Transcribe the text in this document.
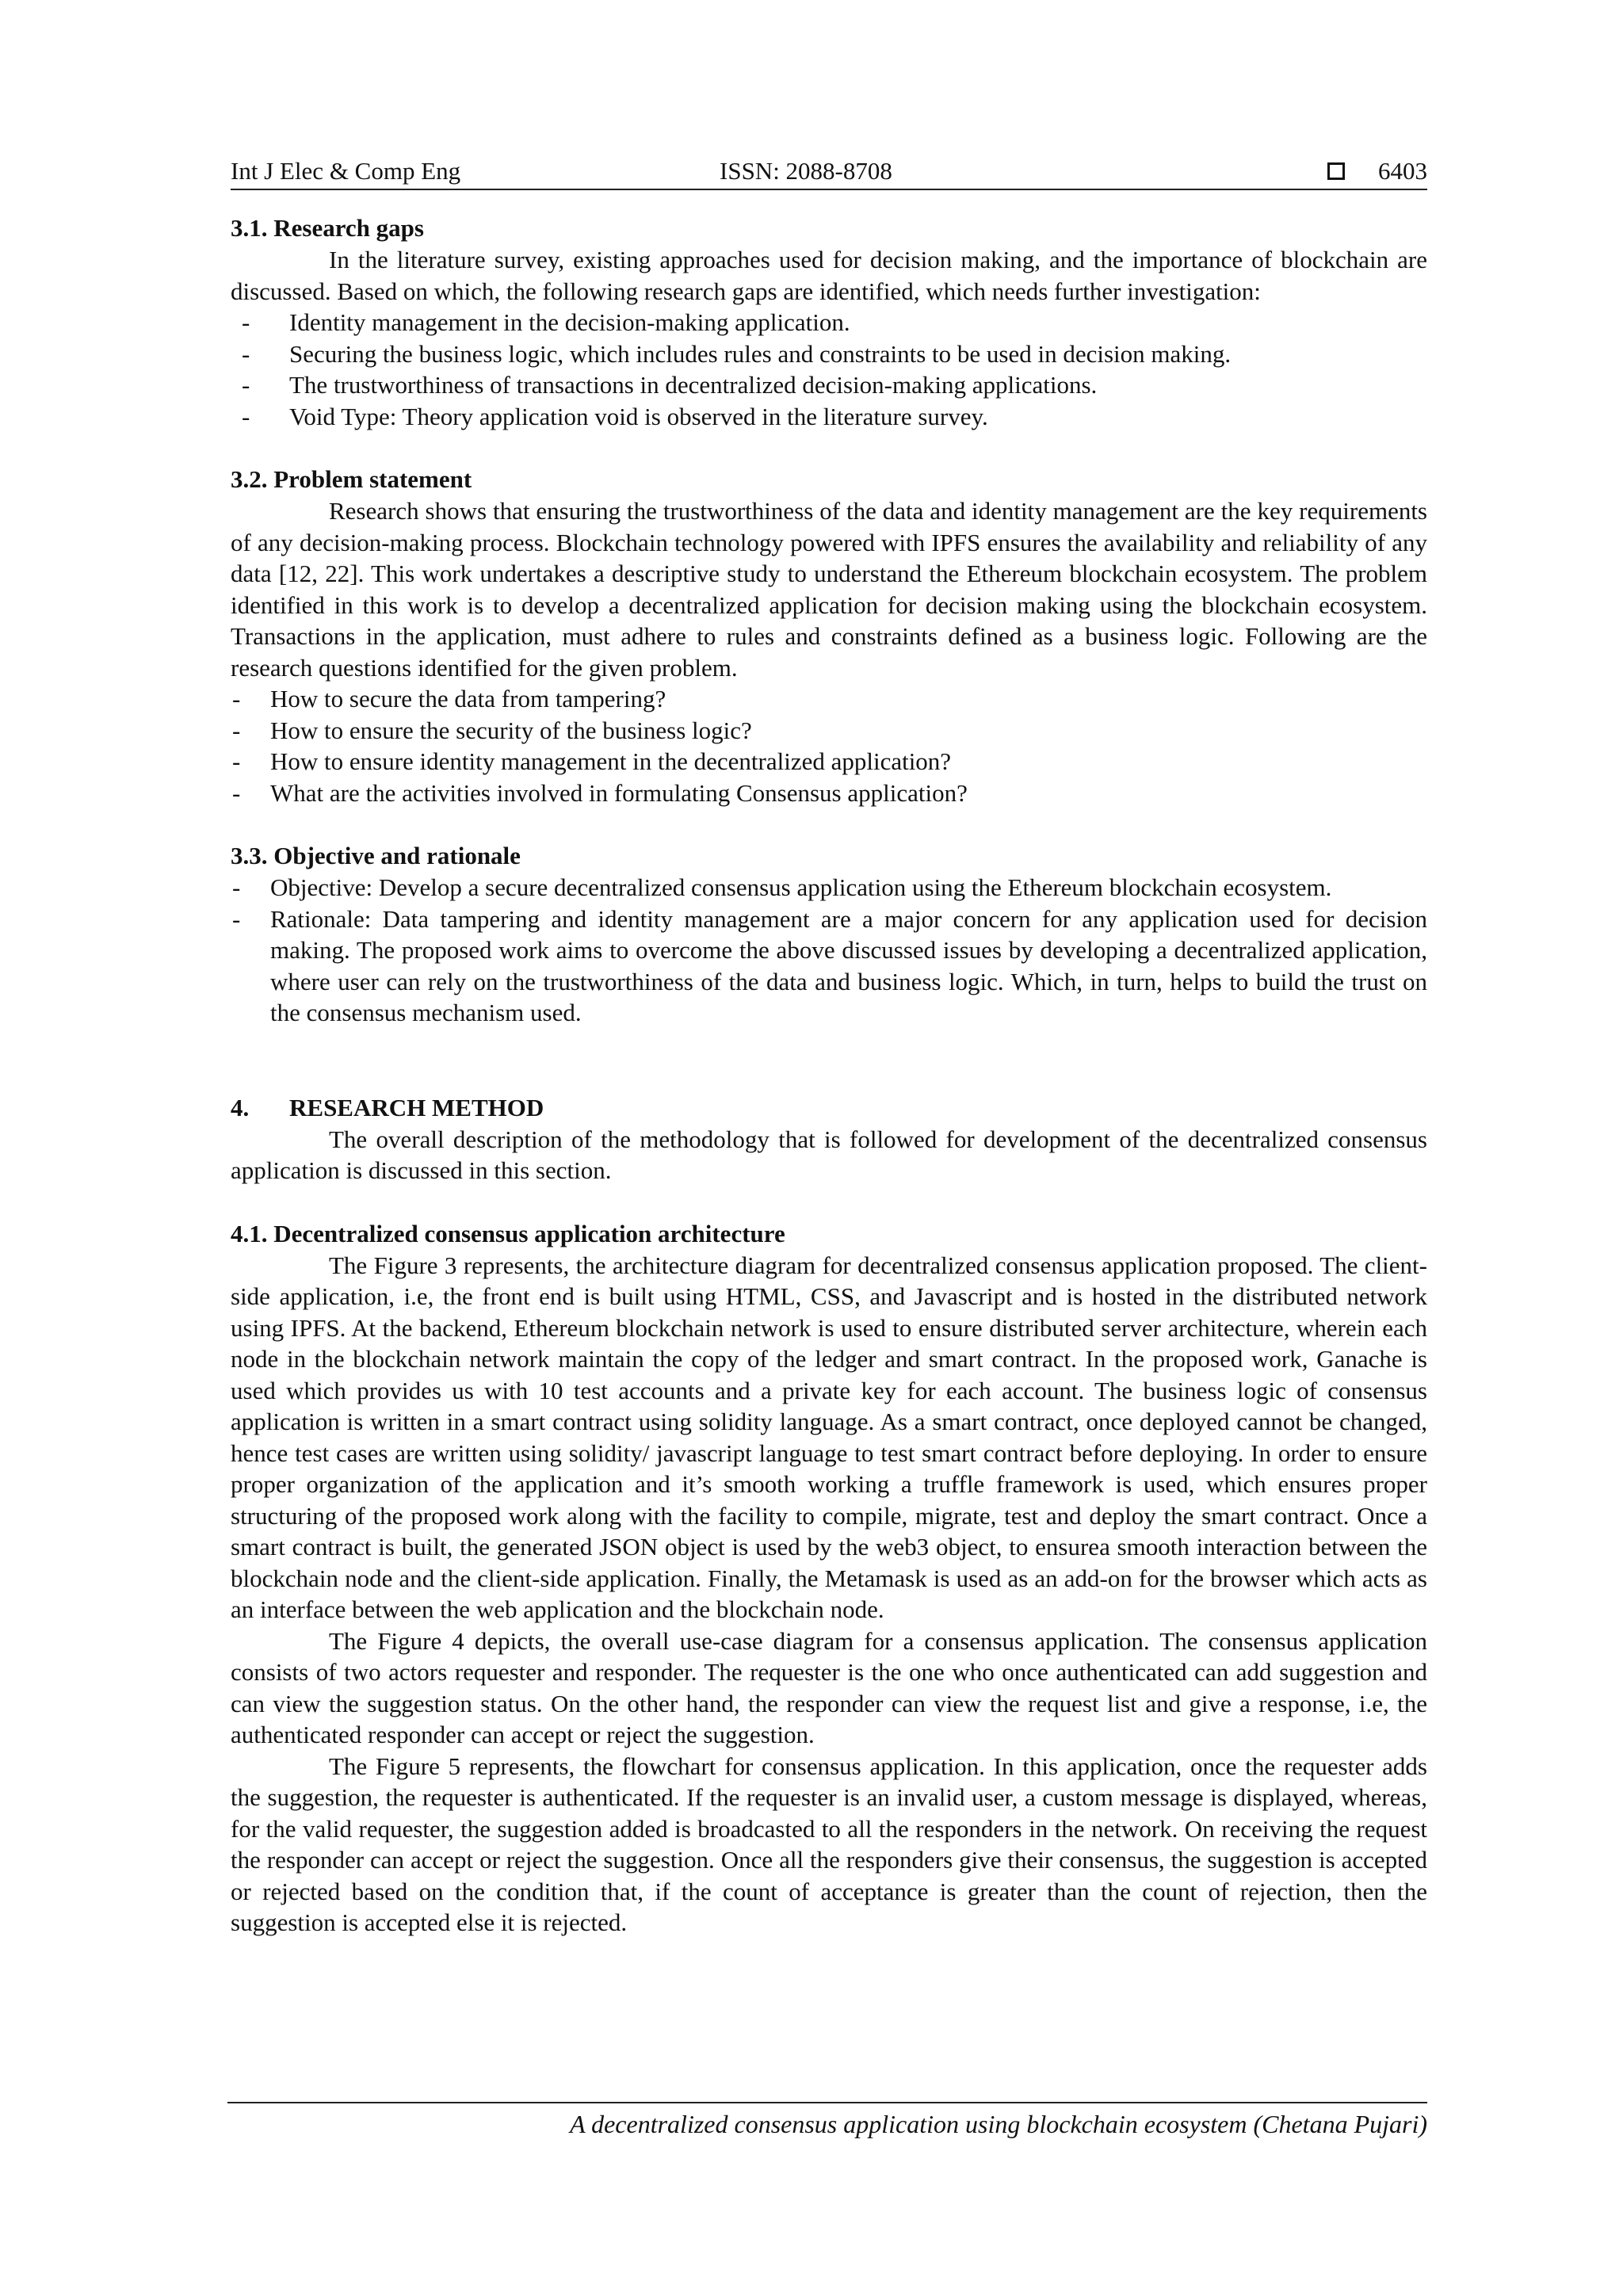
Int J Elec & Comp Eng	ISSN: 2088-8708	6403

3.1. Research gaps

In the literature survey, existing approaches used for decision making, and the importance of blockchain are discussed. Based on which, the following research gaps are identified, which needs further investigation:

- Identity management in the decision-making application.
- Securing the business logic, which includes rules and constraints to be used in decision making.
- The trustworthiness of transactions in decentralized decision-making applications.
- Void Type: Theory application void is observed in the literature survey.

3.2. Problem statement

Research shows that ensuring the trustworthiness of the data and identity management are the key requirements of any decision-making process. Blockchain technology powered with IPFS ensures the availability and reliability of any data [12, 22]. This work undertakes a descriptive study to understand the Ethereum blockchain ecosystem. The problem identified in this work is to develop a decentralized application for decision making using the blockchain ecosystem. Transactions in the application, must adhere to rules and constraints defined as a business logic. Following are the research questions identified for the given problem.

- How to secure the data from tampering?
- How to ensure the security of the business logic?
- How to ensure identity management in the decentralized application?
- What are the activities involved in formulating Consensus application?

3.3. Objective and rationale

- Objective: Develop a secure decentralized consensus application using the Ethereum blockchain ecosystem.
- Rationale: Data tampering and identity management are a major concern for any application used for decision making. The proposed work aims to overcome the above discussed issues by developing a decentralized application, where user can rely on the trustworthiness of the data and business logic. Which, in turn, helps to build the trust on the consensus mechanism used.

4. RESEARCH METHOD

The overall description of the methodology that is followed for development of the decentralized consensus application is discussed in this section.

4.1. Decentralized consensus application architecture

The Figure 3 represents, the architecture diagram for decentralized consensus application proposed. The client-side application, i.e, the front end is built using HTML, CSS, and Javascript and is hosted in the distributed network using IPFS. At the backend, Ethereum blockchain network is used to ensure distributed server architecture, wherein each node in the blockchain network maintain the copy of the ledger and smart contract. In the proposed work, Ganache is used which provides us with 10 test accounts and a private key for each account. The business logic of consensus application is written in a smart contract using solidity language. As a smart contract, once deployed cannot be changed, hence test cases are written using solidity/ javascript language to test smart contract before deploying. In order to ensure proper organization of the application and it’s smooth working a truffle framework is used, which ensures proper structuring of the proposed work along with the facility to compile, migrate, test and deploy the smart contract. Once a smart contract is built, the generated JSON object is used by the web3 object, to ensurea smooth interaction between the blockchain node and the client-side application. Finally, the Metamask is used as an add-on for the browser which acts as an interface between the web application and the blockchain node.

The Figure 4 depicts, the overall use-case diagram for a consensus application. The consensus application consists of two actors requester and responder. The requester is the one who once authenticated can add suggestion and can view the suggestion status. On the other hand, the responder can view the request list and give a response, i.e, the authenticated responder can accept or reject the suggestion.

The Figure 5 represents, the flowchart for consensus application. In this application, once the requester adds the suggestion, the requester is authenticated. If the requester is an invalid user, a custom message is displayed, whereas, for the valid requester, the suggestion added is broadcasted to all the responders in the network. On receiving the request the responder can accept or reject the suggestion. Once all the responders give their consensus, the suggestion is accepted or rejected based on the condition that, if the count of acceptance is greater than the count of rejection, then the suggestion is accepted else it is rejected.

A decentralized consensus application using blockchain ecosystem (Chetana Pujari)
